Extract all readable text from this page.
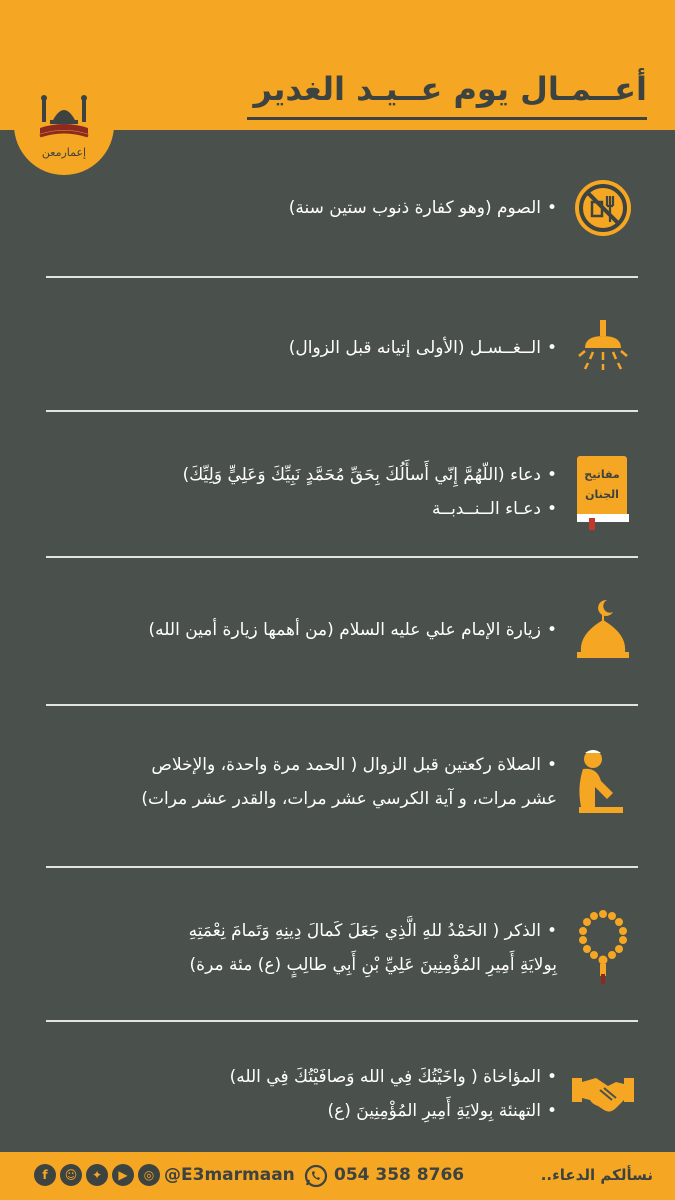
أعــمـال يوم عــيـد الغدير
إعمارمعن
•الصوم (وهو كفارة ذنوب ستين سنة)
•الــغــسـل (الأولى إتيانه قبل الزوال)
مفاتيح
الجنان
•دعاء (اللّهُمَّ إِنّي أَسأَلُكَ بِحَقِّ مُحَمَّدٍ نَبِيِّكَ وَعَلِيٍّ وَلِيِّكَ)
•دعـاء الــنــدبــة
•زيارة الإمام علي عليه السلام (من أهمها زيارة أمين الله)
•الصلاة ركعتين قبل الزوال ( الحمد مرة واحدة، والإخلاص
عشر مرات، و آية الكرسي عشر مرات، والقدر عشر مرات)
•الذكر ( الحَمْدُ للهِ الَّذِي جَعَلَ كَمالَ دِينِهِ وَتَمامَ نِعْمَتِهِ
بِولايَةِ أَمِيرِ المُؤْمِنِينَ عَلِيِّ بْنِ أَبِي طالِبٍ (ع) مئة مرة)
•المؤاخاة ( واخَيْتُكَ فِي الله وَصافَيْتُكَ فِي الله)
•التهنئة بِولايَةِ أَمِيرِ المُؤْمِنِينَ (ع)
f	☺	✦	▶	◎ @E3marmaan 054 358 8766	نسألكم الدعاء..
